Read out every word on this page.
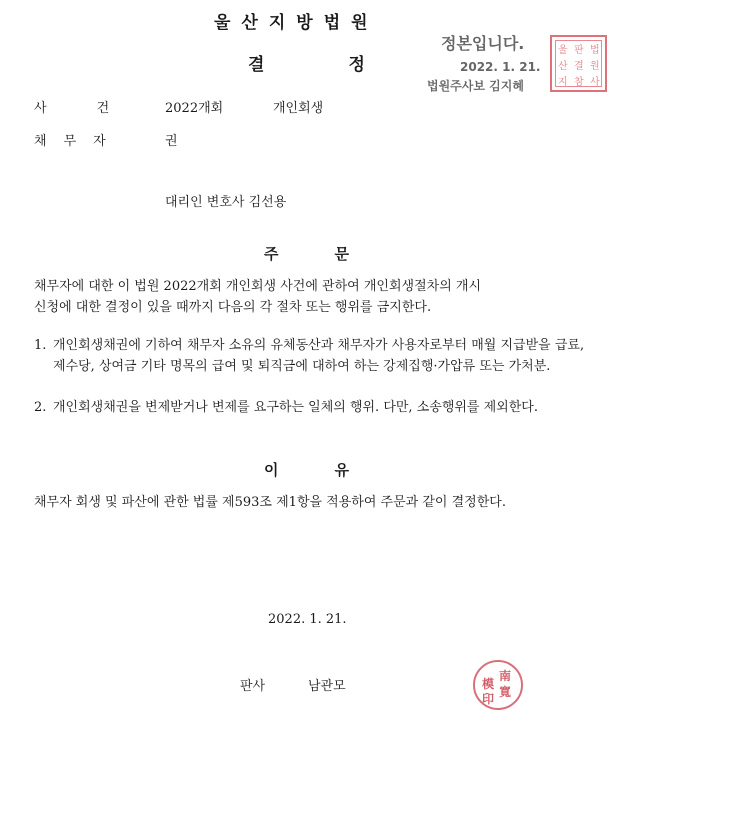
울산지방법원
결	정
정본입니다.
2022. 1. 21.
법원주사보 김지혜
울 판 법
산 결 원
지 참 사
사	건	2022개회	개인회생
채 무 자	권
대리인 변호사 김선용
주	문
채무자에 대한 이 법원 2022개회 개인회생 사건에 관하여 개인회생절차의 개시
신청에 대한 결정이 있을 때까지 다음의 각 절차 또는 행위를 금지한다.
1. 개인회생채권에 기하여 채무자 소유의 유체동산과 채무자가 사용자로부터 매월 지급받을 급료, 제수당, 상여금 기타 명목의 급여 및 퇴직금에 대하여 하는 강제집행·가압류 또는 가처분.
2. 개인회생채권을 변제받거나 변제를 요구하는 일체의 행위. 다만, 소송행위를 제외한다.
이	유
채무자 회생 및 파산에 관한 법률 제593조 제1항을 적용하여 주문과 같이 결정한다.
2022. 1. 21.
판사	남관모
南
寬
模
印
